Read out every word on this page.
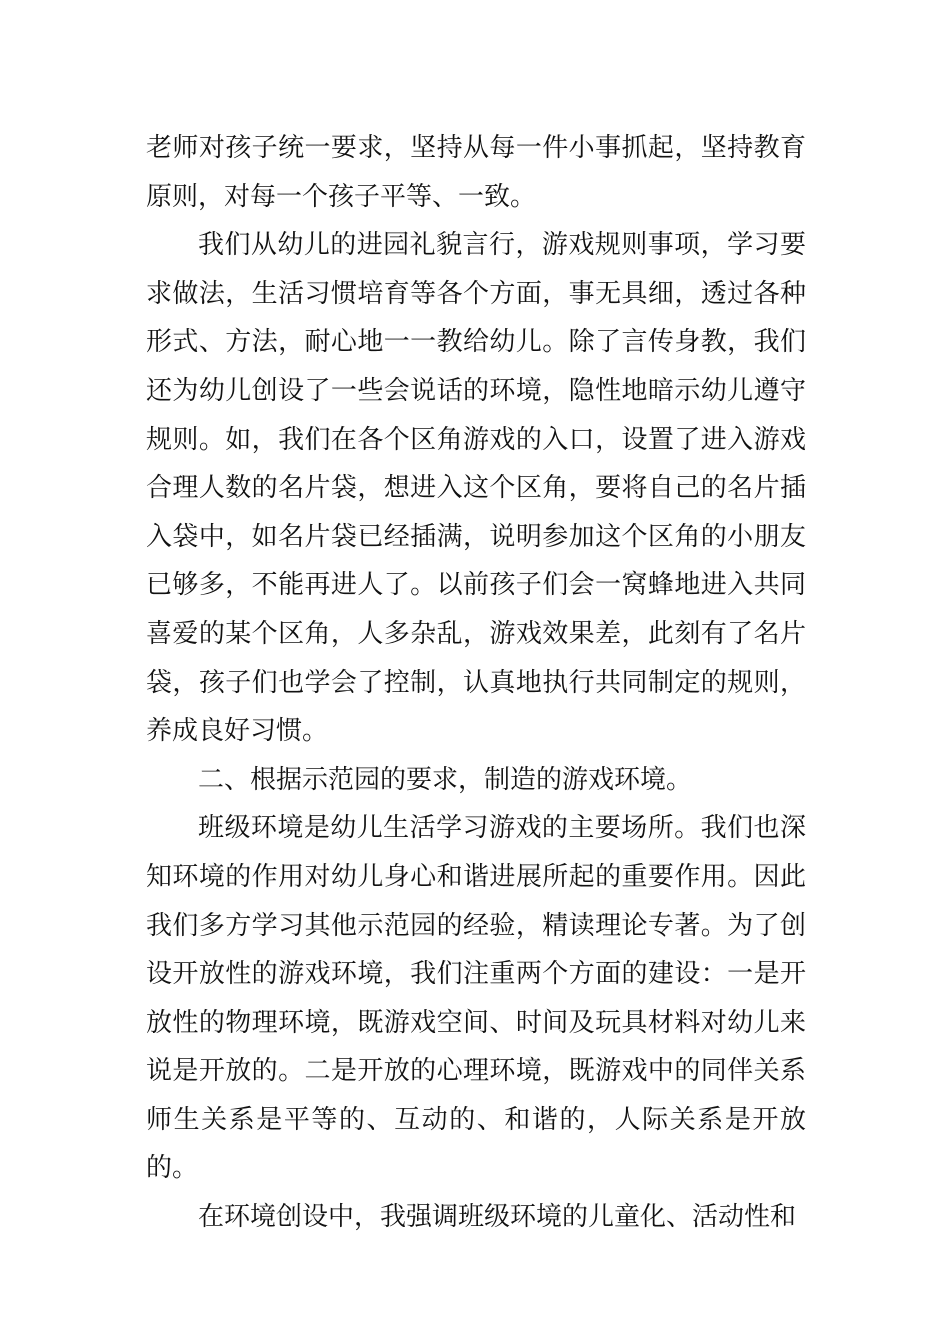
老师对孩子统一要求，坚持从每一件小事抓起，坚持教育原则，对每一个孩子平等、一致。

我们从幼儿的进园礼貌言行，游戏规则事项，学习要求做法，生活习惯培育等各个方面，事无具细，透过各种形式、方法，耐心地一一教给幼儿。除了言传身教，我们还为幼儿创设了一些会说话的环境，隐性地暗示幼儿遵守规则。如，我们在各个区角游戏的入口，设置了进入游戏合理人数的名片袋，想进入这个区角，要将自己的名片插入袋中，如名片袋已经插满，说明参加这个区角的小朋友已够多，不能再进人了。以前孩子们会一窝蜂地进入共同喜爱的某个区角，人多杂乱，游戏效果差，此刻有了名片袋，孩子们也学会了控制，认真地执行共同制定的规则，养成良好习惯。

二、根据示范园的要求，制造的游戏环境。

班级环境是幼儿生活学习游戏的主要场所。我们也深知环境的作用对幼儿身心和谐进展所起的重要作用。因此我们多方学习其他示范园的经验，精读理论专著。为了创设开放性的游戏环境，我们注重两个方面的建设：一是开放性的物理环境，既游戏空间、时间及玩具材料对幼儿来说是开放的。二是开放的心理环境，既游戏中的同伴关系师生关系是平等的、互动的、和谐的，人际关系是开放的。

在环境创设中，我强调班级环境的儿童化、活动性和
